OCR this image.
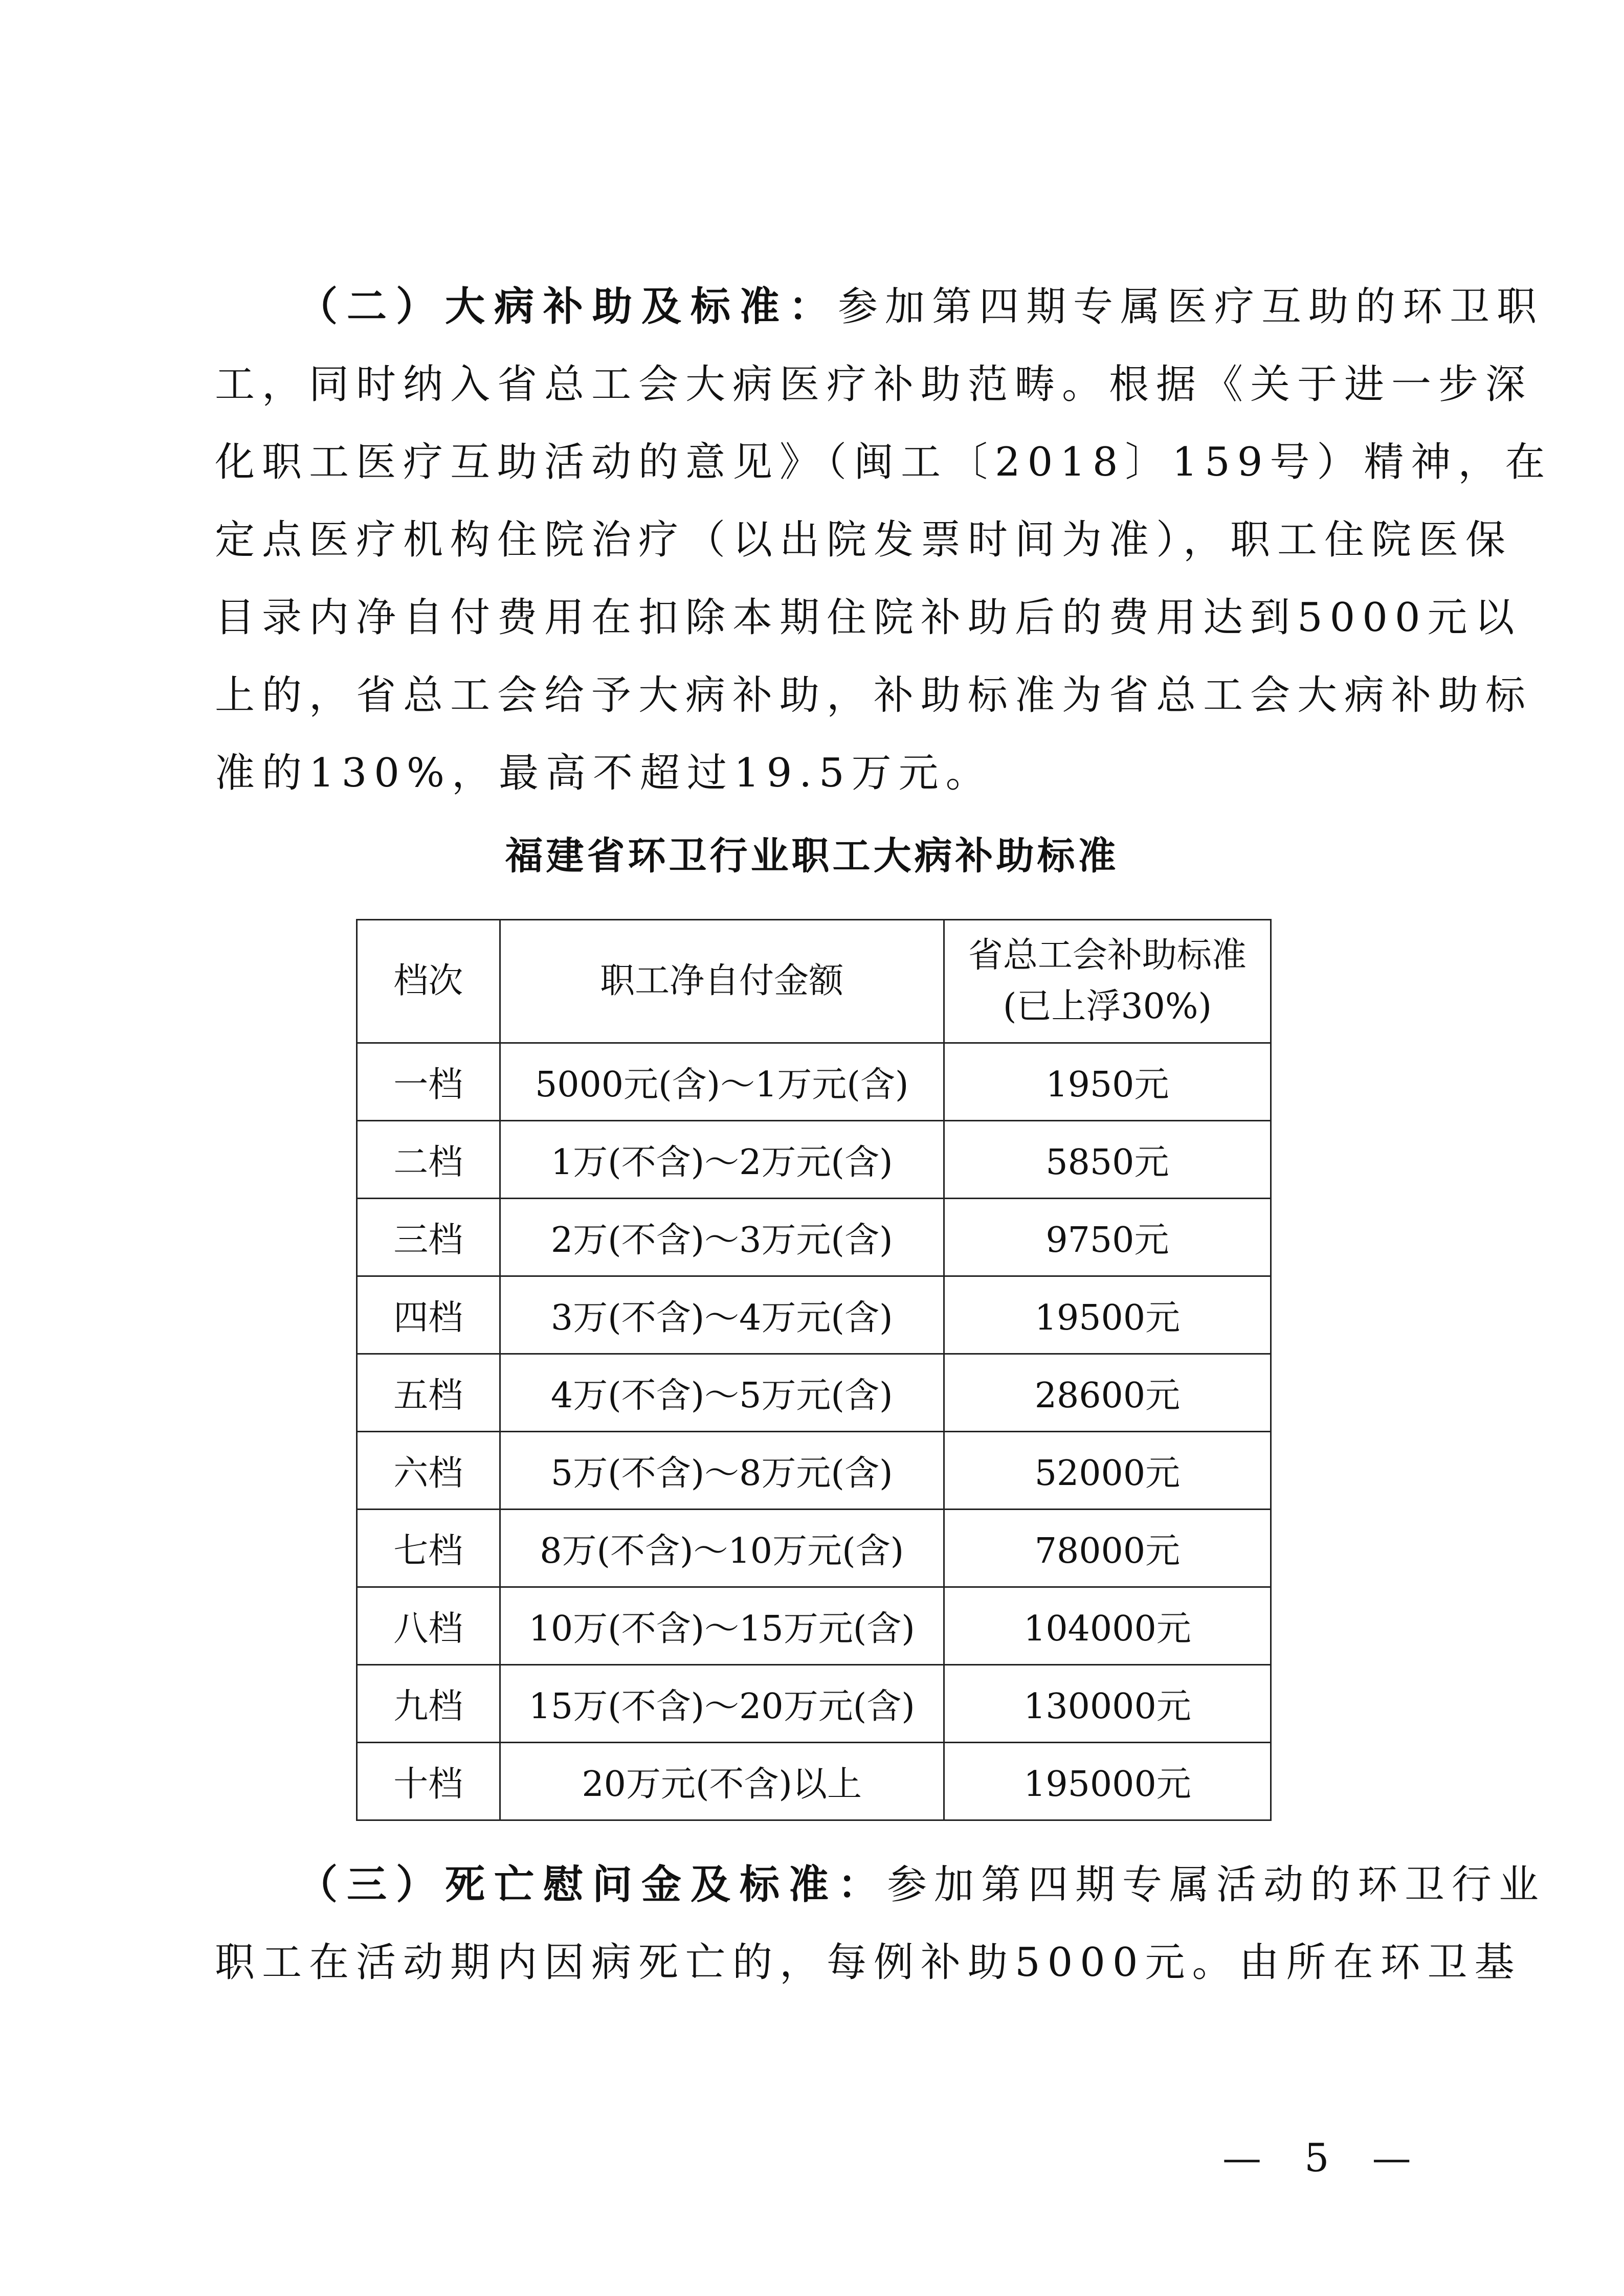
（二）大病补助及标准：参加第四期专属医疗互助的环卫职
工，同时纳入省总工会大病医疗补助范畴。根据《关于进一步深
化职工医疗互助活动的意见》（闽工〔2018〕159号）精神，在
定点医疗机构住院治疗（以出院发票时间为准），职工住院医保
目录内净自付费用在扣除本期住院补助后的费用达到5000元以
上的，省总工会给予大病补助，补助标准为省总工会大病补助标
准的130%，最高不超过19.5万元。
福建省环卫行业职工大病补助标准
档次	职工净自付金额	省总工会补助标准
(已上浮30%)
一档	5000元(含)～1万元(含)	1950元
二档	1万(不含)～2万元(含)	5850元
三档	2万(不含)～3万元(含)	9750元
四档	3万(不含)～4万元(含)	19500元
五档	4万(不含)～5万元(含)	28600元
六档	5万(不含)～8万元(含)	52000元
七档	8万(不含)～10万元(含)	78000元
八档	10万(不含)～15万元(含)	104000元
九档	15万(不含)～20万元(含)	130000元
十档	20万元(不含)以上	195000元
（三）死亡慰问金及标准：参加第四期专属活动的环卫行业
职工在活动期内因病死亡的，每例补助5000元。由所在环卫基
— 5 —
